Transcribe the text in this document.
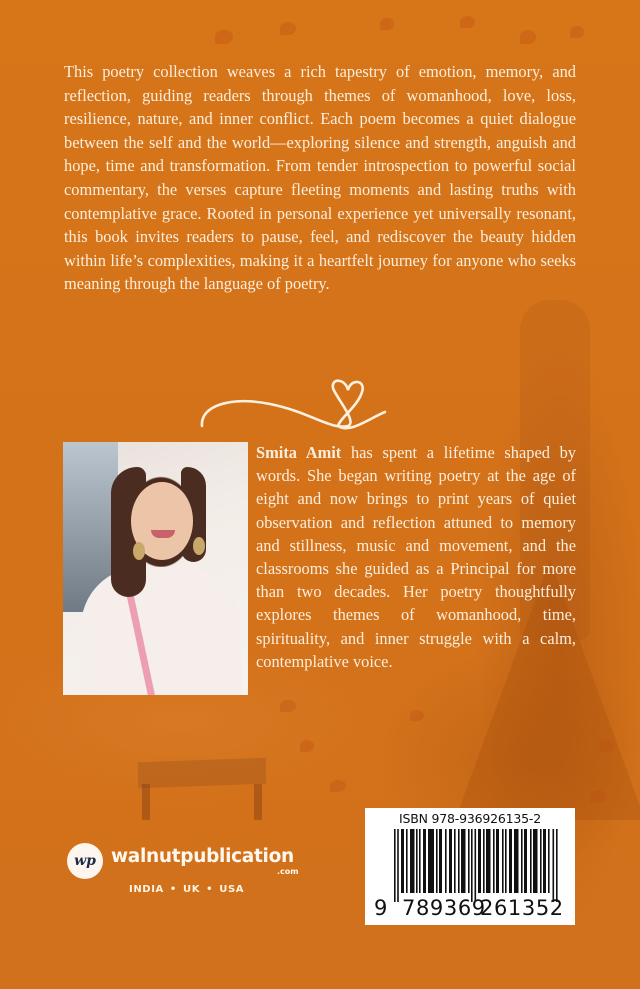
This poetry collection weaves a rich tapestry of emotion, memory, and reflection, guiding readers through themes of womanhood, love, loss, resilience, nature, and inner conflict. Each poem becomes a quiet dialogue between the self and the world—exploring silence and strength, anguish and hope, time and transformation. From tender introspection to powerful social commentary, the verses capture fleeting moments and lasting truths with contemplative grace. Rooted in personal experience yet universally resonant, this book invites readers to pause, feel, and rediscover the beauty hidden within life’s complexities, making it a heartfelt journey for anyone who seeks meaning through the language of poetry.

Smita Amit has spent a lifetime shaped by words. She began writing poetry at the age of eight and now brings to print years of quiet observation and reflection attuned to memory and stillness, music and movement, and the classrooms she guided as a Principal for more than two decades. Her poetry thoughtfully explores themes of womanhood, time, spirituality, and inner struggle with a calm, contemplative voice.

wp walnutpublication
.com
INDIA • UK • USA
ISBN 978-936926135-2
9 789369
261352
